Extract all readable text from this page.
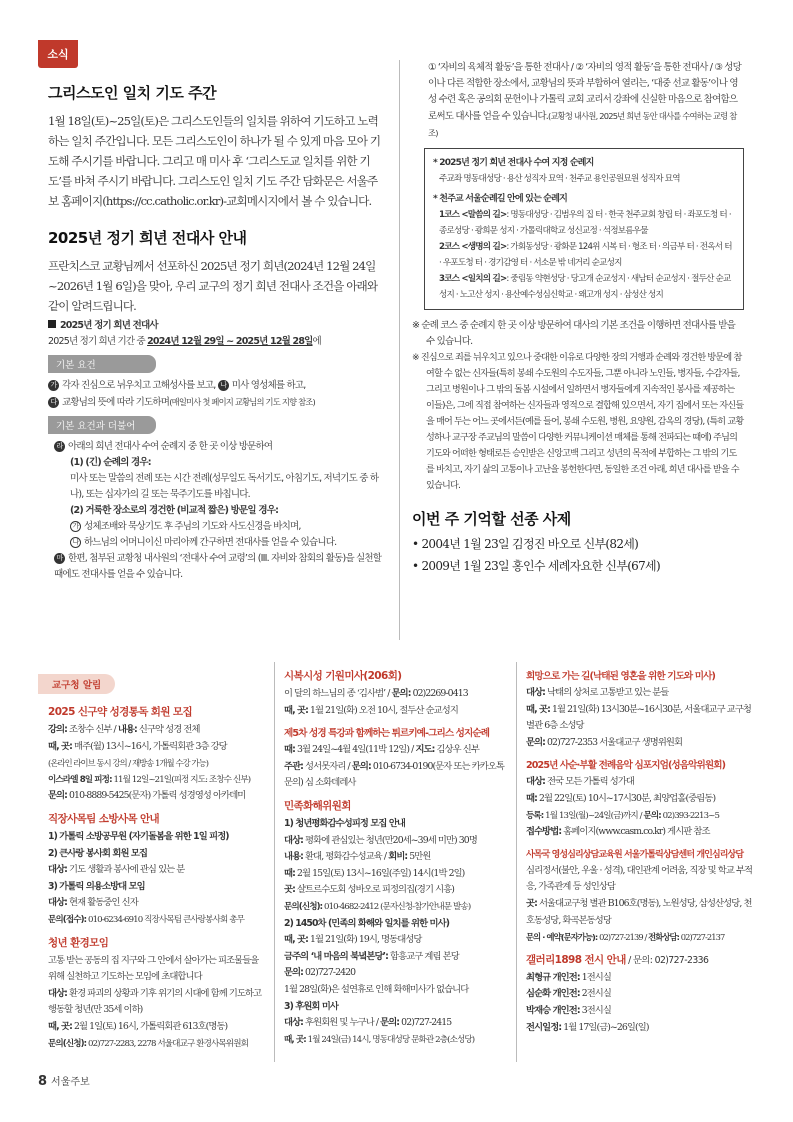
소식
그리스도인 일치 기도 주간

1월 18일(토)~25일(토)은 그리스도인들의 일치를 위하여 기도하고 노력하는 일치 주간입니다. 모든 그리스도인이 하나가 될 수 있게 마음 모아 기도해 주시기를 바랍니다. 그리고 매 미사 후 ‘그리스도교 일치를 위한 기도’를 바쳐 주시기 바랍니다. 그리스도인 일치 기도 주간 담화문은 서울주보 홈페이지(https://cc.catholic.or.kr)-교회메시지에서 볼 수 있습니다.

2025년 정기 희년 전대사 안내

프란치스코 교황님께서 선포하신 2025년 정기 희년(2024년 12월 24일~2026년 1월 6일)을 맞아, 우리 교구의 정기 희년 전대사 조건을 아래와 같이 알려드립니다.

2025년 정기 희년 전대사

2025년 정기 희년 기간 중 2024년 12월 29일 ~ 2025년 12월 28일에

기본 요건

가 각자 진심으로 뉘우치고 고해성사를 보고, 나 미사 영성체를 하고,

다 교황님의 뜻에 따라 기도하며(매일미사 첫 페이지 교황님의 기도 지향 참조)

기본 요건과 더불어

라 아래의 희년 전대사 수여 순례지 중 한 곳 이상 방문하여

(1) (긴) 순례의 경우:

미사 또는 말씀의 전례 또는 시간 전례(성무일도 독서기도, 아침기도, 저녁기도 중 하나), 또는 십자가의 길 또는 묵주기도를 바칩니다.

(2) 거룩한 장소로의 경건한 (비교적 짧은) 방문일 경우:

가 성체조배와 묵상기도 후 주님의 기도와 사도신경을 바치며,

나 하느님의 어머니이신 마리아께 간구하면 전대사를 얻을 수 있습니다.

마 한편, 첨부된 교황청 내사원의 ‘전대사 수여 교령’의 (III. 자비와 참회의 활동)을 실천할 때에도 전대사를 얻을 수 있습니다.

① ‘자비의 육체적 활동’을 통한 전대사 / ② ‘자비의 영적 활동’을 통한 전대사 / ③ 성당이나 다른 적합한 장소에서, 교황님의 뜻과 부합하여 열리는, ‘대중 선교 활동’이나 영성 수련 혹은 공의회 문헌이나 가톨릭 교회 교리서 강좌에 신실한 마음으로 참여함으로써도 대사를 얻을 수 있습니다.(교황청 내사원, 2025년 희년 동안 대사를 수여하는 교령 참조)

* 2025년 정기 희년 전대사 수여 지정 순례지

주교좌 명동대성당 · 용산 성직자 묘역 · 천주교 용인공원묘원 성직자 묘역

* 천주교 서울순례길 안에 있는 순례지

1코스 <말씀의 길>: 명동대성당 · 김범우의 집 터 · 한국 천주교회 창립 터 · 좌포도청 터 · 종로성당 · 광희문 성지 · 가톨릭대학교 성신교정 · 석정보름우물

2코스 <생명의 길>: 가회동성당 · 광화문 124위 시복 터 · 형조 터 · 의금부 터 · 전옥서 터 · 우포도청 터 · 경기감영 터 · 서소문 밖 네거리 순교성지

3코스 <일치의 길>: 중림동 약현성당 · 당고개 순교성지 · 새남터 순교성지 · 절두산 순교성지 · 노고산 성지 · 용산예수성심신학교 · 왜고개 성지 · 삼성산 성지

※ 순례 코스 중 순례지 한 곳 이상 방문하여 대사의 기본 조건을 이행하면 전대사를 받을 수 있습니다.

※ 진심으로 죄를 뉘우치고 있으나 중대한 이유로 다양한 장의 거행과 순례와 경건한 방문에 참여할 수 없는 신자들(특히 봉쇄 수도원의 수도자들, 그뿐 아니라 노인들, 병자들, 수감자들, 그리고 병원이나 그 밖의 돌봄 시설에서 일하면서 병자들에게 지속적인 봉사를 제공하는 이들)은, 그에 직접 참여하는 신자들과 영적으로 결합해 있으면서, 자기 집에서 또는 자신들을 매어 두는 어느 곳에서든(예를 들어, 봉쇄 수도원, 병원, 요양원, 감옥의 경당), (특히 교황 성하나 교구장 주교님의 말씀이 다양한 커뮤니케이션 매체를 통해 전파되는 때에) 주님의 기도와 어떠한 형태로든 승인받은 신앙고백 그리고 성년의 목적에 부합하는 그 밖의 기도를 바치고, 자기 삶의 고통이나 고난을 봉헌한다면, 동일한 조건 아래, 희년 대사를 받을 수 있습니다.

이번 주 기억할 선종 사제

• 2004년 1월 23일 김정진 바오로 신부(82세)

• 2009년 1월 23일 홍인수 세례자요한 신부(67세)

교구청 알림

2025 신구약 성경통독 회원 모집

강의: 조창수 신부 / 내용: 신구약 성경 전체

때, 곳: 매주(월) 13시~16시, 가톨릭회관 3층 강당

(온라인 라이브 동시 강의 / 재방송 1개월 수강 가능)

이스라엘 8일 피정: 11월 12일~21일(피정 지도: 조창수 신부)

문의: 010-8889-5425(문자) 가톨릭 성경영성 아카데미

직장사목팀 소방사목 안내

1) 가톨릭 소방공무원 (자기돌봄을 위한 1일 피정)

2) 큰사랑 봉사회 회원 모집

대상: 기도 생활과 봉사에 관심 있는 분

3) 가톨릭 의용소방대 모임

대상: 현재 활동중인 신자

문의(접수): 010-6234-6910 직장사목팀 큰사랑봉사회 총무

청년 환경모임

고통 받는 공동의 집 지구와 그 안에서 살아가는 피조물들을 위해 실천하고 기도하는 모임에 초대합니다

대상: 환경 파괴의 상황과 기후 위기의 시대에 함께 기도하고 행동할 청년(만 35세 이하)

때, 곳: 2월 1일(토) 16시, 가톨릭회관 613호(명동)

문의(신청): 02)727-2283, 2278 서울대교구 환경사목위원회

시복시성 기원미사(206회)

이 달의 하느님의 종 ‘김사범’ / 문의: 02)2269-0413

때, 곳: 1월 21일(화) 오전 10시, 절두산 순교성지

제5차 성경 특강과 함께하는 튀르키예-그리스 성지순례

때: 3월 24일~4월 4일(11박 12일) / 지도: 김상우 신부

주관: 성서못자리 / 문의: 010-6734-0190(문자 또는 카카오톡 문의) 심 소화데레사

민족화해위원회

1) 청년평화감수성피정 모집 안내

대상: 평화에 관심있는 청년(만20세~39세 미만) 30명

내용: 환대, 평화감수성교육 / 회비: 5만원

때: 2월 15일(토) 13시~16일(주일) 14시(1박 2일)

곳: 샬트르수도회 성바오로 피정의집(경기 시흥)

문의(신청): 010-4682-2412 (문자신청-참가안내문 발송)

2) 1450차 (민족의 화해와 일치를 위한 미사)

때, 곳: 1월 21일(화) 19시, 명동대성당

금주의 ‘내 마음의 북녘본당’: 함흥교구 계림 본당

문의: 02)727-2420

1월 28일(화)은 설연휴로 인해 화해미사가 없습니다

3) 후원회 미사

대상: 후원회원 및 누구나 / 문의: 02)727-2415

때, 곳: 1월 24일(금) 14시, 명동대성당 문화관 2층(소성당)

희망으로 가는 길(낙태된 영혼을 위한 기도와 미사)

대상: 낙태의 상처로 고통받고 있는 분들

때, 곳: 1월 21일(화) 13시30분~16시30분, 서울대교구 교구청별관 6층 소성당

문의: 02)727-2353 서울대교구 생명위원회

2025년 사순·부활 전례음악 심포지엄(성음악위원회)

대상: 전국 모든 가톨릭 성가대

때: 2월 22일(토) 10시~17시30분, 최양업홀(중림동)

등록: 1월 13일(월)~24일(금)까지 / 문의: 02)393-2213~5

접수방법: 홈페이지(www.casm.co.kr) 게시판 참조

사목국 영성심리상담교육원 서울가톨릭상담센터 개인심리상담

심리정서(불안, 우울 · 성격), 대인관계 어려움, 직장 및 학교 부적응, 가족관계 등 성인상담

곳: 서울대교구청 별관 B106호(명동), 노원성당, 삼성산성당, 천호동성당, 화곡본동성당

문의 · 예약(문자가능): 02)727-2139 / 전화상담: 02)727-2137

갤러리1898 전시 안내 / 문의: 02)727-2336

최형규 개인전: 1전시실

심순화 개인전: 2전시실

박재승 개인전: 3전시실

전시일정: 1월 17일(금)~26일(일)

8 서울주보
